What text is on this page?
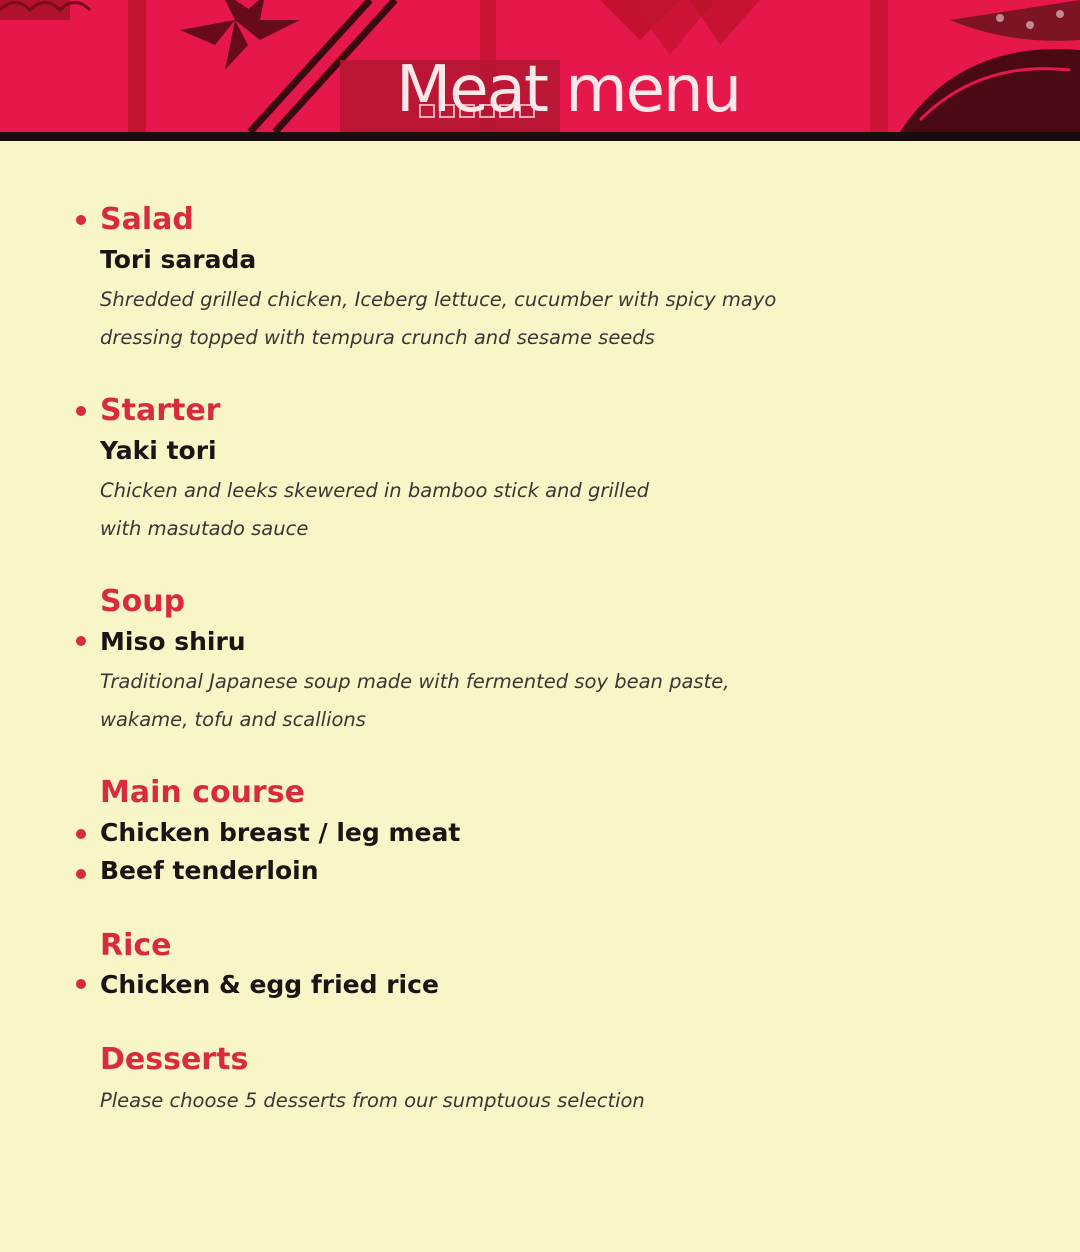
Meat menu
Salad
Tori sarada
Shredded grilled chicken, Iceberg lettuce, cucumber with spicy mayo
dressing topped with tempura crunch and sesame seeds
Starter
Yaki tori
Chicken and leeks skewered in bamboo stick and grilled
with masutado sauce
Soup
Miso shiru
Traditional Japanese soup made with fermented soy bean paste,
wakame, tofu and scallions
Main course
Chicken breast / leg meat
Beef tenderloin
Rice
Chicken & egg fried rice
Desserts
Please choose 5 desserts from our sumptuous selection
